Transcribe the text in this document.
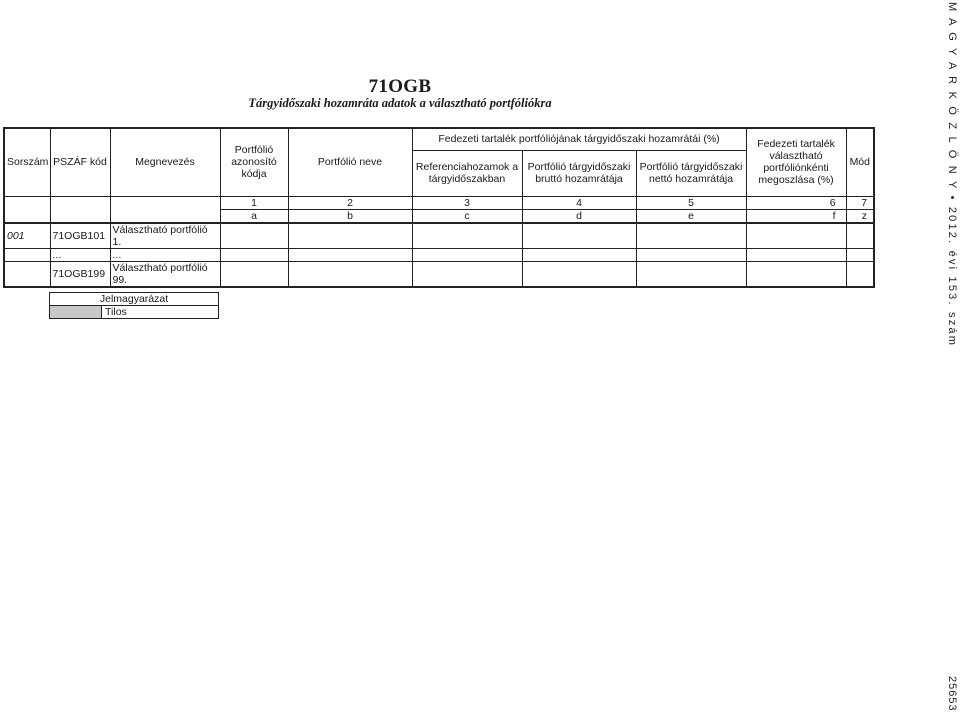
71OGB
Tárgyidőszaki hozamráta adatok a választható portfóliókra
Sorszám	PSZÁF kód	Megnevezés	Portfólió azonosító kódja	Portfólió neve	Fedezeti tartalék portfóliójának tárgyidőszaki hozamrátái (%)			Fedezeti tartalék választható portfóliónkénti megoszlása (%)	Mód
					Referenciahozamok a tárgyidőszakban	Portfólió tárgyidőszaki bruttó hozamrátája	Portfólió tárgyidőszaki nettó hozamrátája		
			1	2	3	4	5	6	7
			a	b	c	d	e	f	z
001	71OGB101	Választható portfólió 1.							
	...	...							
	71OGB199	Választható portfólió 99.							
Jelmagyarázat
	Tilos	M A G Y A R K Ö Z L Ö N Y • 2012. évi 153. szám
25653
